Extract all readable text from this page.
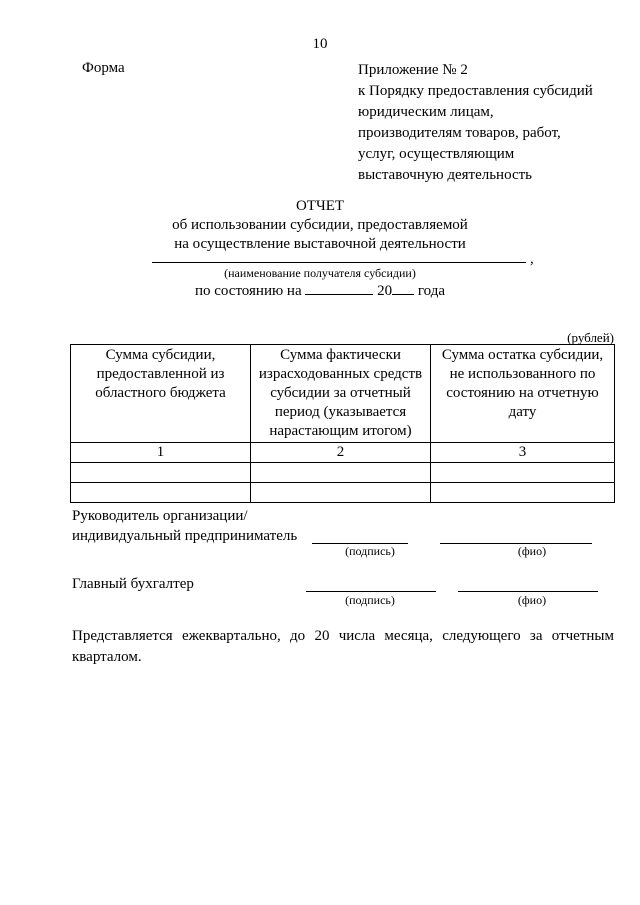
10
Форма	Приложение № 2
к Порядку предоставления субсидий
юридическим лицам,
производителям товаров, работ,
услуг, осуществляющим
выставочную деятельность
ОТЧЕТ
об использовании субсидии, предоставляемой
на осуществление выставочной деятельности
,
(наименование получателя субсидии)
по состоянию на	20 года
(рублей)
Сумма субсидии, предоставленной из областного бюджета	Сумма фактически израсходованных средств субсидии за отчетный период (указывается нарастающим итогом)	Сумма остатка субсидии, не использованного по состоянию на отчетную дату
1	2	3

Руководитель организации/
индивидуальный предприниматель
(подпись)	(фио)
Главный бухгалтер
(подпись)	(фио)
Представляется ежеквартально, до 20 числа месяца, следующего за отчетным кварталом.
